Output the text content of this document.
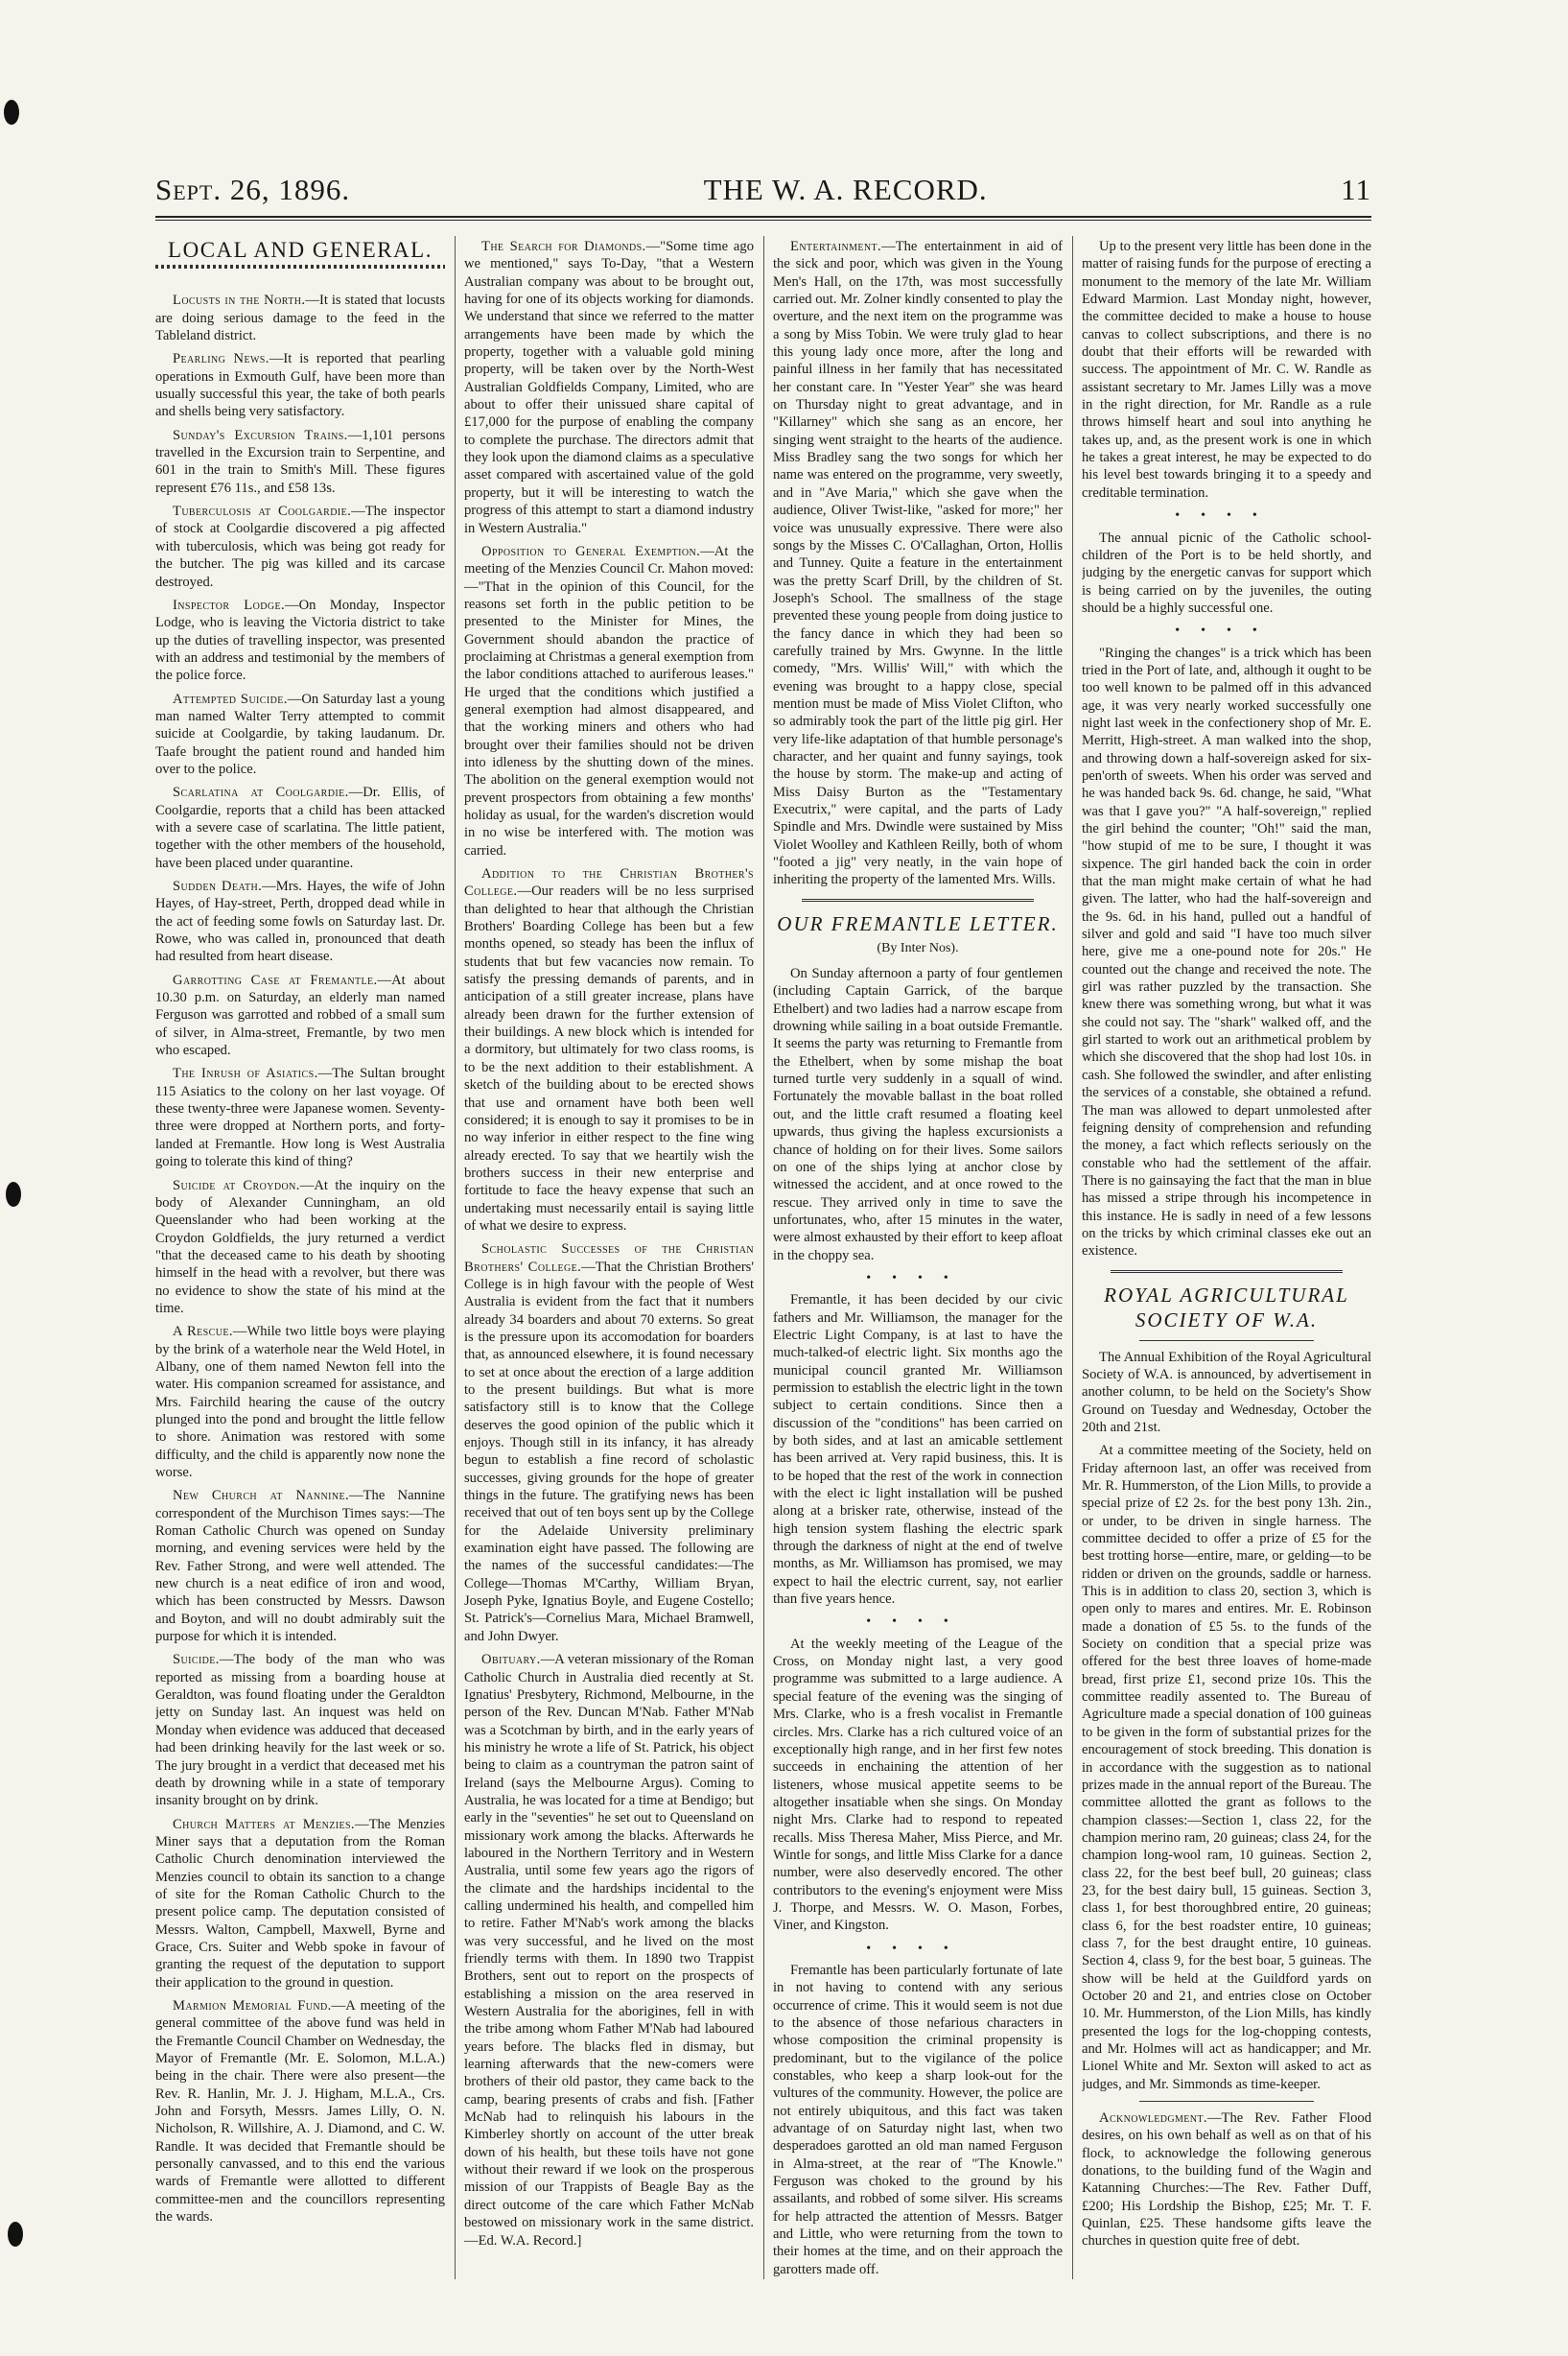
Sept. 26, 1896.	THE W. A. RECORD.	11
LOCAL AND GENERAL.

Locusts in the North.—It is stated that locusts are doing serious damage to the feed in the Tableland district.

Pearling News.—It is reported that pearling operations in Exmouth Gulf, have been more than usually successful this year, the take of both pearls and shells being very satisfactory.

Sunday's Excursion Trains.—1,101 persons travelled in the Excursion train to Serpentine, and 601 in the train to Smith's Mill. These figures represent £76 11s., and £58 13s.

Tuberculosis at Coolgardie.—The inspector of stock at Coolgardie discovered a pig affected with tuberculosis, which was being got ready for the butcher. The pig was killed and its carcase destroyed.

Inspector Lodge.—On Monday, Inspector Lodge, who is leaving the Victoria district to take up the duties of travelling inspector, was presented with an address and testimonial by the members of the police force.

Attempted Suicide.—On Saturday last a young man named Walter Terry attempted to commit suicide at Coolgardie, by taking laudanum. Dr. Taafe brought the patient round and handed him over to the police.

Scarlatina at Coolgardie.—Dr. Ellis, of Coolgardie, reports that a child has been attacked with a severe case of scarlatina. The little patient, together with the other members of the household, have been placed under quarantine.

Sudden Death.—Mrs. Hayes, the wife of John Hayes, of Hay-street, Perth, dropped dead while in the act of feeding some fowls on Saturday last. Dr. Rowe, who was called in, pronounced that death had resulted from heart disease.

Garrotting Case at Fremantle.—At about 10.30 p.m. on Saturday, an elderly man named Ferguson was garrotted and robbed of a small sum of silver, in Alma-street, Fremantle, by two men who escaped.

The Inrush of Asiatics.—The Sultan brought 115 Asiatics to the colony on her last voyage. Of these twenty-three were Japanese women. Seventy-three were dropped at Northern ports, and forty-landed at Fremantle. How long is West Australia going to tolerate this kind of thing?

Suicide at Croydon.—At the inquiry on the body of Alexander Cunningham, an old Queenslander who had been working at the Croydon Goldfields, the jury returned a verdict "that the deceased came to his death by shooting himself in the head with a revolver, but there was no evidence to show the state of his mind at the time.

A Rescue.—While two little boys were playing by the brink of a waterhole near the Weld Hotel, in Albany, one of them named Newton fell into the water. His companion screamed for assistance, and Mrs. Fairchild hearing the cause of the outcry plunged into the pond and brought the little fellow to shore. Animation was restored with some difficulty, and the child is apparently now none the worse.

New Church at Nannine.—The Nannine correspondent of the Murchison Times says:—The Roman Catholic Church was opened on Sunday morning, and evening services were held by the Rev. Father Strong, and were well attended. The new church is a neat edifice of iron and wood, which has been constructed by Messrs. Dawson and Boyton, and will no doubt admirably suit the purpose for which it is intended.

Suicide.—The body of the man who was reported as missing from a boarding house at Geraldton, was found floating under the Geraldton jetty on Sunday last. An inquest was held on Monday when evidence was adduced that deceased had been drinking heavily for the last week or so. The jury brought in a verdict that deceased met his death by drowning while in a state of temporary insanity brought on by drink.

Church Matters at Menzies.—The Menzies Miner says that a deputation from the Roman Catholic Church denomination interviewed the Menzies council to obtain its sanction to a change of site for the Roman Catholic Church to the present police camp. The deputation consisted of Messrs. Walton, Campbell, Maxwell, Byrne and Grace, Crs. Suiter and Webb spoke in favour of granting the request of the deputation to support their application to the ground in question.

Marmion Memorial Fund.—A meeting of the general committee of the above fund was held in the Fremantle Council Chamber on Wednesday, the Mayor of Fremantle (Mr. E. Solomon, M.L.A.) being in the chair. There were also present—the Rev. R. Hanlin, Mr. J. J. Higham, M.L.A., Crs. John and Forsyth, Messrs. James Lilly, O. N. Nicholson, R. Willshire, A. J. Diamond, and C. W. Randle. It was decided that Fremantle should be personally canvassed, and to this end the various wards of Fremantle were allotted to different committee-men and the councillors representing the wards.

The Search for Diamonds.—"Some time ago we mentioned," says To-Day, "that a Western Australian company was about to be brought out, having for one of its objects working for diamonds. We understand that since we referred to the matter arrangements have been made by which the property, together with a valuable gold mining property, will be taken over by the North-West Australian Goldfields Company, Limited, who are about to offer their unissued share capital of £17,000 for the purpose of enabling the company to complete the purchase. The directors admit that they look upon the diamond claims as a speculative asset compared with ascertained value of the gold property, but it will be interesting to watch the progress of this attempt to start a diamond industry in Western Australia."

Opposition to General Exemption.—At the meeting of the Menzies Council Cr. Mahon moved:—"That in the opinion of this Council, for the reasons set forth in the public petition to be presented to the Minister for Mines, the Government should abandon the practice of proclaiming at Christmas a general exemption from the labor conditions attached to auriferous leases." He urged that the conditions which justified a general exemption had almost disappeared, and that the working miners and others who had brought over their families should not be driven into idleness by the shutting down of the mines. The abolition on the general exemption would not prevent prospectors from obtaining a few months' holiday as usual, for the warden's discretion would in no wise be interfered with. The motion was carried.

Addition to the Christian Brother's College.—Our readers will be no less surprised than delighted to hear that although the Christian Brothers' Boarding College has been but a few months opened, so steady has been the influx of students that but few vacancies now remain. To satisfy the pressing demands of parents, and in anticipation of a still greater increase, plans have already been drawn for the further extension of their buildings. A new block which is intended for a dormitory, but ultimately for two class rooms, is to be the next addition to their establishment. A sketch of the building about to be erected shows that use and ornament have both been well considered; it is enough to say it promises to be in no way inferior in either respect to the fine wing already erected. To say that we heartily wish the brothers success in their new enterprise and fortitude to face the heavy expense that such an undertaking must necessarily entail is saying little of what we desire to express.

Scholastic Successes of the Christian Brothers' College.—That the Christian Brothers' College is in high favour with the people of West Australia is evident from the fact that it numbers already 34 boarders and about 70 externs. So great is the pressure upon its accomodation for boarders that, as announced elsewhere, it is found necessary to set at once about the erection of a large addition to the present buildings. But what is more satisfactory still is to know that the College deserves the good opinion of the public which it enjoys. Though still in its infancy, it has already begun to establish a fine record of scholastic successes, giving grounds for the hope of greater things in the future. The gratifying news has been received that out of ten boys sent up by the College for the Adelaide University preliminary examination eight have passed. The following are the names of the successful candidates:—The College—Thomas M'Carthy, William Bryan, Joseph Pyke, Ignatius Boyle, and Eugene Costello; St. Patrick's—Cornelius Mara, Michael Bramwell, and John Dwyer.

Obituary.—A veteran missionary of the Roman Catholic Church in Australia died recently at St. Ignatius' Presbytery, Richmond, Melbourne, in the person of the Rev. Duncan M'Nab. Father M'Nab was a Scotchman by birth, and in the early years of his ministry he wrote a life of St. Patrick, his object being to claim as a countryman the patron saint of Ireland (says the Melbourne Argus). Coming to Australia, he was located for a time at Bendigo; but early in the "seventies" he set out to Queensland on missionary work among the blacks. Afterwards he laboured in the Northern Territory and in Western Australia, until some few years ago the rigors of the climate and the hardships incidental to the calling undermined his health, and compelled him to retire. Father M'Nab's work among the blacks was very successful, and he lived on the most friendly terms with them. In 1890 two Trappist Brothers, sent out to report on the prospects of establishing a mission on the area reserved in Western Australia for the aborigines, fell in with the tribe among whom Father M'Nab had laboured years before. The blacks fled in dismay, but learning afterwards that the new-comers were brothers of their old pastor, they came back to the camp, bearing presents of crabs and fish. [Father McNab had to relinquish his labours in the Kimberley shortly on account of the utter break down of his health, but these toils have not gone without their reward if we look on the prosperous mission of our Trappists of Beagle Bay as the direct outcome of the care which Father McNab bestowed on missionary work in the same district.—Ed. W.A. Record.]

Entertainment.—The entertainment in aid of the sick and poor, which was given in the Young Men's Hall, on the 17th, was most successfully carried out. Mr. Zolner kindly consented to play the overture, and the next item on the programme was a song by Miss Tobin. We were truly glad to hear this young lady once more, after the long and painful illness in her family that has necessitated her constant care. In "Yester Year" she was heard on Thursday night to great advantage, and in "Killarney" which she sang as an encore, her singing went straight to the hearts of the audience. Miss Bradley sang the two songs for which her name was entered on the programme, very sweetly, and in "Ave Maria," which she gave when the audience, Oliver Twist-like, "asked for more;" her voice was unusually expressive. There were also songs by the Misses C. O'Callaghan, Orton, Hollis and Tunney. Quite a feature in the entertainment was the pretty Scarf Drill, by the children of St. Joseph's School. The smallness of the stage prevented these young people from doing justice to the fancy dance in which they had been so carefully trained by Mrs. Gwynne. In the little comedy, "Mrs. Willis' Will," with which the evening was brought to a happy close, special mention must be made of Miss Violet Clifton, who so admirably took the part of the little pig girl. Her very life-like adaptation of that humble personage's character, and her quaint and funny sayings, took the house by storm. The make-up and acting of Miss Daisy Burton as the "Testamentary Executrix," were capital, and the parts of Lady Spindle and Mrs. Dwindle were sustained by Miss Violet Woolley and Kathleen Reilly, both of whom "footed a jig" very neatly, in the vain hope of inheriting the property of the lamented Mrs. Wills.

OUR FREMANTLE LETTER.
(By Inter Nos).

On Sunday afternoon a party of four gentlemen (including Captain Garrick, of the barque Ethelbert) and two ladies had a narrow escape from drowning while sailing in a boat outside Fremantle. It seems the party was returning to Fremantle from the Ethelbert, when by some mishap the boat turned turtle very suddenly in a squall of wind. Fortunately the movable ballast in the boat rolled out, and the little craft resumed a floating keel upwards, thus giving the hapless excursionists a chance of holding on for their lives. Some sailors on one of the ships lying at anchor close by witnessed the accident, and at once rowed to the rescue. They arrived only in time to save the unfortunates, who, after 15 minutes in the water, were almost exhausted by their effort to keep afloat in the choppy sea.

••••

Fremantle, it has been decided by our civic fathers and Mr. Williamson, the manager for the Electric Light Company, is at last to have the much-talked-of electric light. Six months ago the municipal council granted Mr. Williamson permission to establish the electric light in the town subject to certain conditions. Since then a discussion of the "conditions" has been carried on by both sides, and at last an amicable settlement has been arrived at. Very rapid business, this. It is to be hoped that the rest of the work in connection with the elect ic light installation will be pushed along at a brisker rate, otherwise, instead of the high tension system flashing the electric spark through the darkness of night at the end of twelve months, as Mr. Williamson has promised, we may expect to hail the electric current, say, not earlier than five years hence.

••••

At the weekly meeting of the League of the Cross, on Monday night last, a very good programme was submitted to a large audience. A special feature of the evening was the singing of Mrs. Clarke, who is a fresh vocalist in Fremantle circles. Mrs. Clarke has a rich cultured voice of an exceptionally high range, and in her first few notes succeeds in enchaining the attention of her listeners, whose musical appetite seems to be altogether insatiable when she sings. On Monday night Mrs. Clarke had to respond to repeated recalls. Miss Theresa Maher, Miss Pierce, and Mr. Wintle for songs, and little Miss Clarke for a dance number, were also deservedly encored. The other contributors to the evening's enjoyment were Miss J. Thorpe, and Messrs. W. O. Mason, Forbes, Viner, and Kingston.

••••

Fremantle has been particularly fortunate of late in not having to contend with any serious occurrence of crime. This it would seem is not due to the absence of those nefarious characters in whose composition the criminal propensity is predominant, but to the vigilance of the police constables, who keep a sharp look-out for the vultures of the community. However, the police are not entirely ubiquitous, and this fact was taken advantage of on Saturday night last, when two desperadoes garotted an old man named Ferguson in Alma-street, at the rear of "The Knowle." Ferguson was choked to the ground by his assailants, and robbed of some silver. His screams for help attracted the attention of Messrs. Batger and Little, who were returning from the town to their homes at the time, and on their approach the garotters made off.

Up to the present very little has been done in the matter of raising funds for the purpose of erecting a monument to the memory of the late Mr. William Edward Marmion. Last Monday night, however, the committee decided to make a house to house canvas to collect subscriptions, and there is no doubt that their efforts will be rewarded with success. The appointment of Mr. C. W. Randle as assistant secretary to Mr. James Lilly was a move in the right direction, for Mr. Randle as a rule throws himself heart and soul into anything he takes up, and, as the present work is one in which he takes a great interest, he may be expected to do his level best towards bringing it to a speedy and creditable termination.

••••

The annual picnic of the Catholic school-children of the Port is to be held shortly, and judging by the energetic canvas for support which is being carried on by the juveniles, the outing should be a highly successful one.

••••

"Ringing the changes" is a trick which has been tried in the Port of late, and, although it ought to be too well known to be palmed off in this advanced age, it was very nearly worked successfully one night last week in the confectionery shop of Mr. E. Merritt, High-street. A man walked into the shop, and throwing down a half-sovereign asked for six-pen'orth of sweets. When his order was served and he was handed back 9s. 6d. change, he said, "What was that I gave you?" "A half-sovereign," replied the girl behind the counter; "Oh!" said the man, "how stupid of me to be sure, I thought it was sixpence. The girl handed back the coin in order that the man might make certain of what he had given. The latter, who had the half-sovereign and the 9s. 6d. in his hand, pulled out a handful of silver and gold and said "I have too much silver here, give me a one-pound note for 20s." He counted out the change and received the note. The girl was rather puzzled by the transaction. She knew there was something wrong, but what it was she could not say. The "shark" walked off, and the girl started to work out an arithmetical problem by which she discovered that the shop had lost 10s. in cash. She followed the swindler, and after enlisting the services of a constable, she obtained a refund. The man was allowed to depart unmolested after feigning density of comprehension and refunding the money, a fact which reflects seriously on the constable who had the settlement of the affair. There is no gainsaying the fact that the man in blue has missed a stripe through his incompetence in this instance. He is sadly in need of a few lessons on the tricks by which criminal classes eke out an existence.

ROYAL AGRICULTURAL SOCIETY OF W.A.

The Annual Exhibition of the Royal Agricultural Society of W.A. is announced, by advertisement in another column, to be held on the Society's Show Ground on Tuesday and Wednesday, October the 20th and 21st.

At a committee meeting of the Society, held on Friday afternoon last, an offer was received from Mr. R. Hummerston, of the Lion Mills, to provide a special prize of £2 2s. for the best pony 13h. 2in., or under, to be driven in single harness. The committee decided to offer a prize of £5 for the best trotting horse—entire, mare, or gelding—to be ridden or driven on the grounds, saddle or harness. This is in addition to class 20, section 3, which is open only to mares and entires. Mr. E. Robinson made a donation of £5 5s. to the funds of the Society on condition that a special prize was offered for the best three loaves of home-made bread, first prize £1, second prize 10s. This the committee readily assented to. The Bureau of Agriculture made a special donation of 100 guineas to be given in the form of substantial prizes for the encouragement of stock breeding. This donation is in accordance with the suggestion as to national prizes made in the annual report of the Bureau. The committee allotted the grant as follows to the champion classes:—Section 1, class 22, for the champion merino ram, 20 guineas; class 24, for the champion long-wool ram, 10 guineas. Section 2, class 22, for the best beef bull, 20 guineas; class 23, for the best dairy bull, 15 guineas. Section 3, class 1, for best thoroughbred entire, 20 guineas; class 6, for the best roadster entire, 10 guineas; class 7, for the best draught entire, 10 guineas. Section 4, class 9, for the best boar, 5 guineas. The show will be held at the Guildford yards on October 20 and 21, and entries close on October 10. Mr. Hummerston, of the Lion Mills, has kindly presented the logs for the log-chopping contests, and Mr. Holmes will act as handicapper; and Mr. Lionel White and Mr. Sexton will asked to act as judges, and Mr. Simmonds as time-keeper.

Acknowledgment.—The Rev. Father Flood desires, on his own behalf as well as on that of his flock, to acknowledge the following generous donations, to the building fund of the Wagin and Katanning Churches:—The Rev. Father Duff, £200; His Lordship the Bishop, £25; Mr. T. F. Quinlan, £25. These handsome gifts leave the churches in question quite free of debt.
